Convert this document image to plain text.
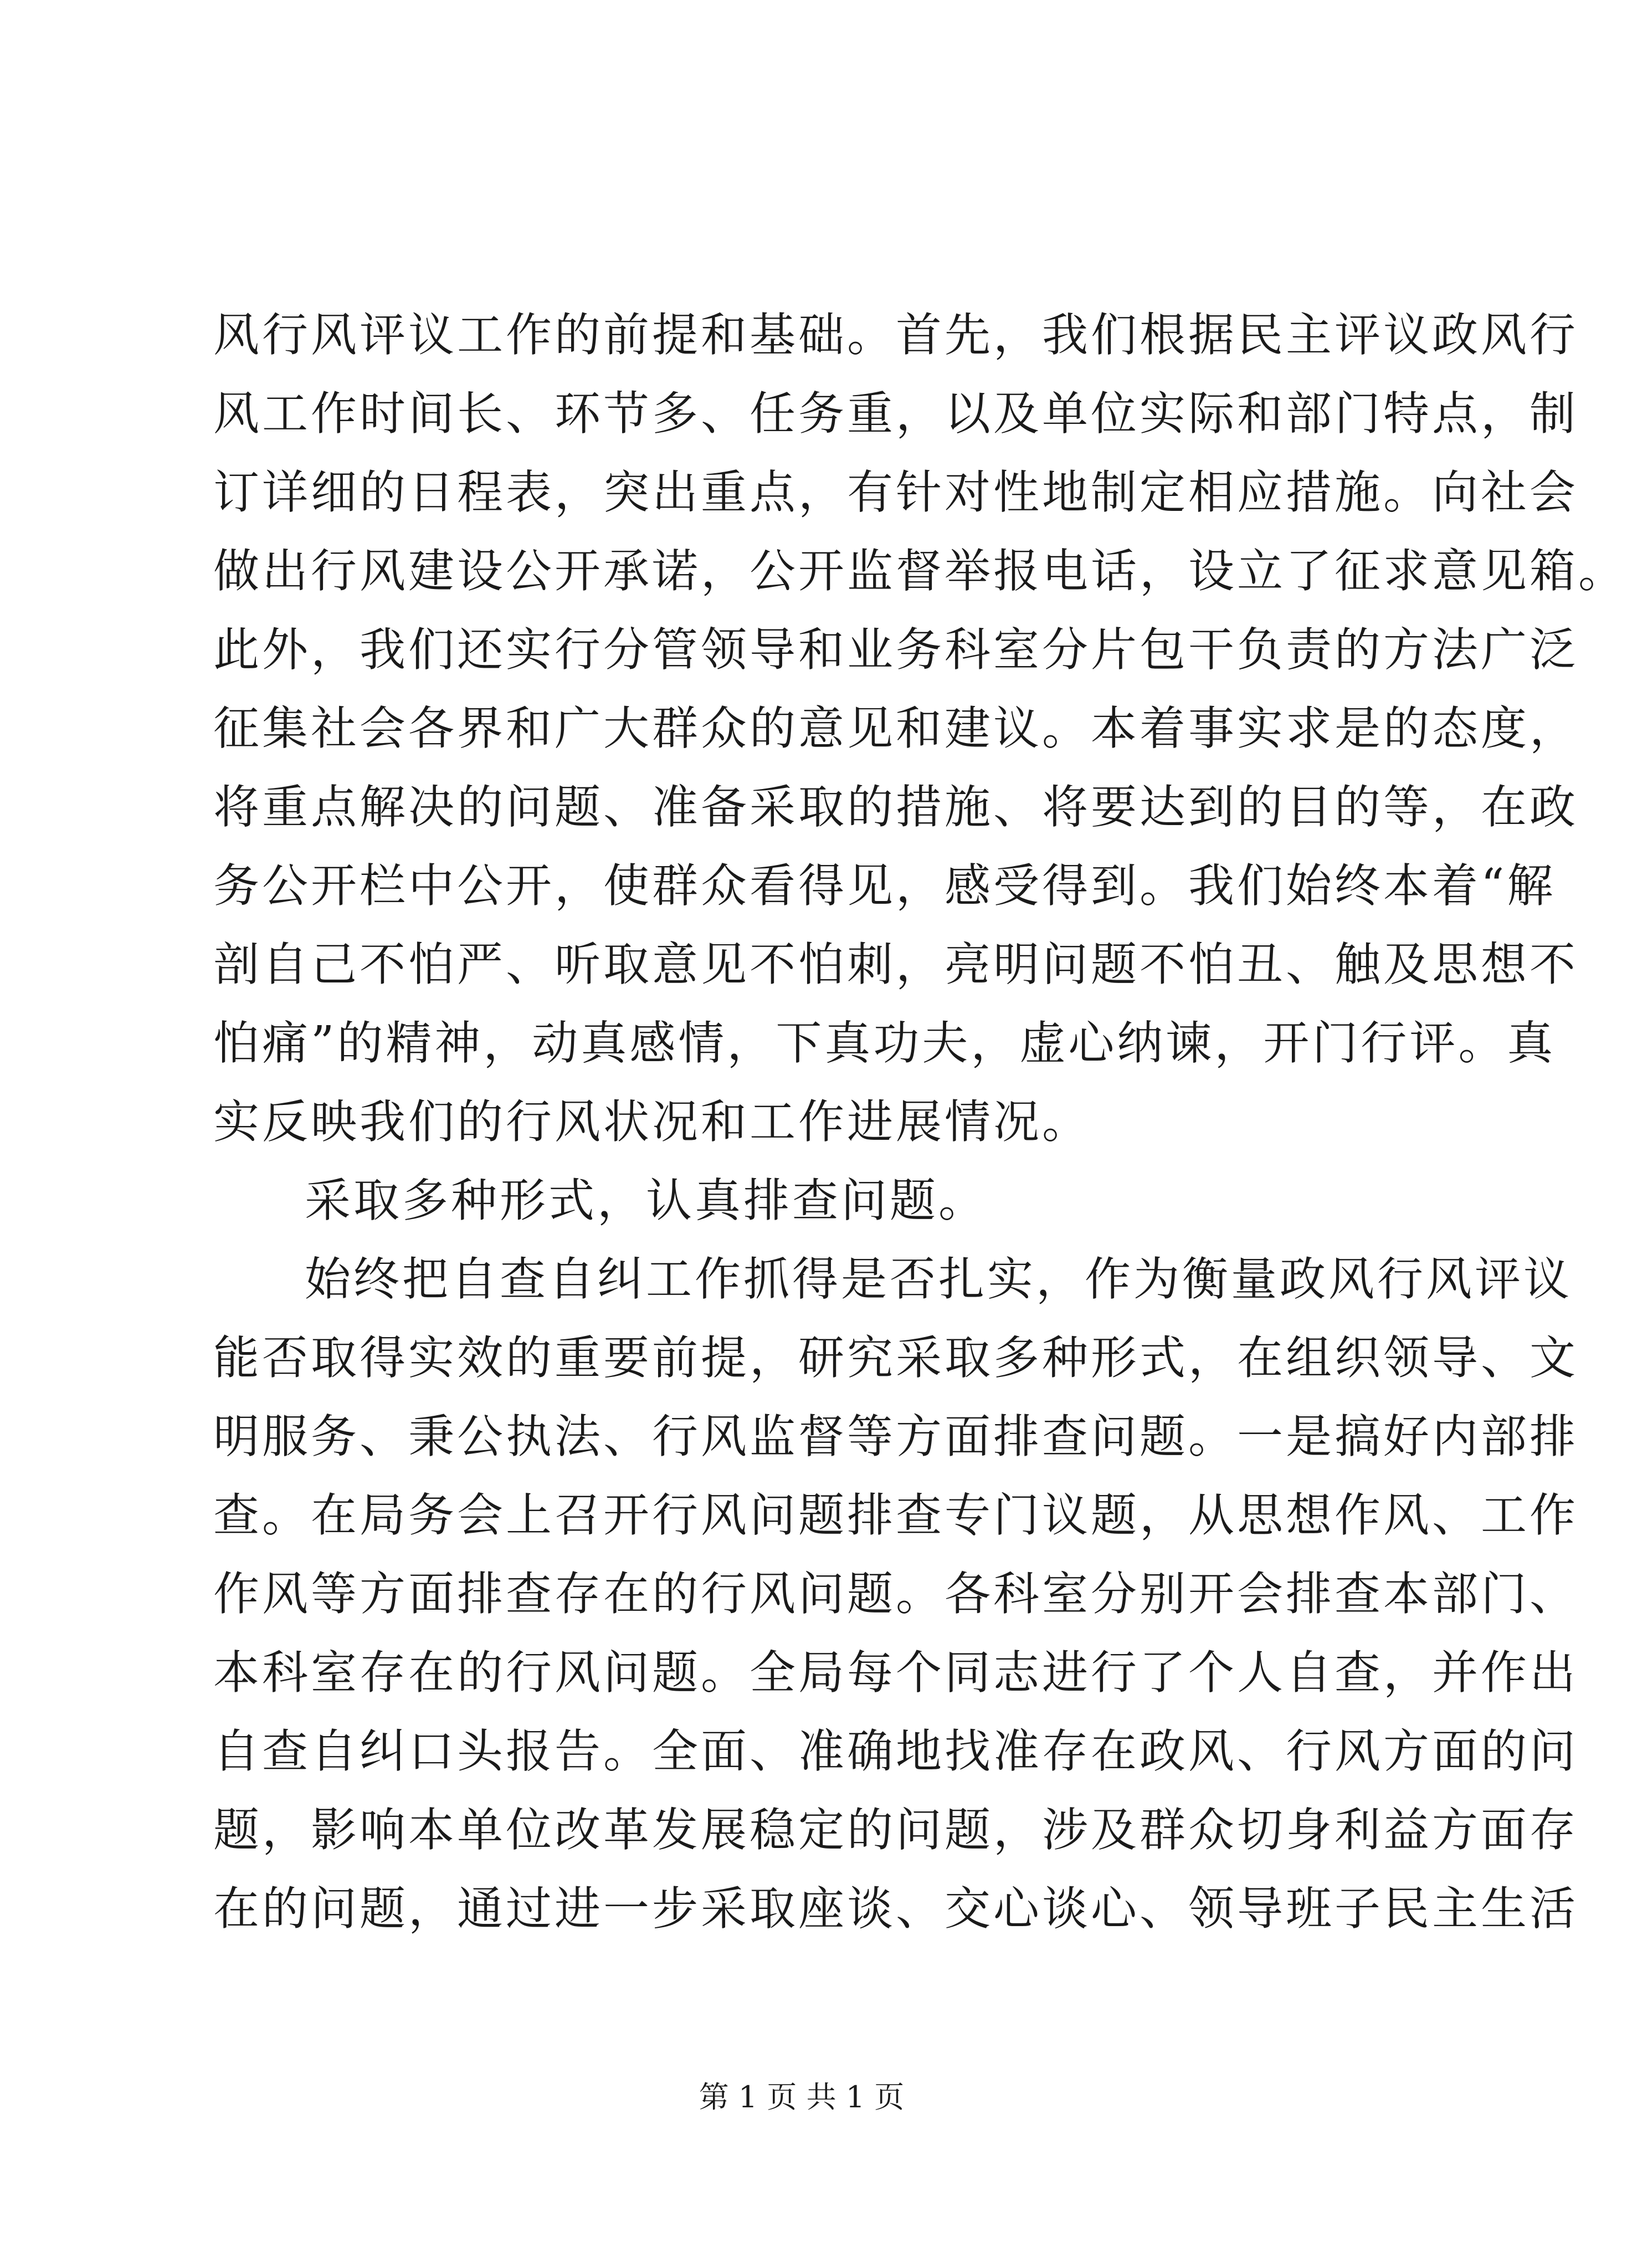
风行风评议工作的前提和基础。首先，我们根据民主评议政风行
风工作时间长、环节多、任务重，以及单位实际和部门特点，制
订详细的日程表，突出重点，有针对性地制定相应措施。向社会
做出行风建设公开承诺，公开监督举报电话，设立了征求意见箱。
此外，我们还实行分管领导和业务科室分片包干负责的方法广泛
征集社会各界和广大群众的意见和建议。本着事实求是的态度，
将重点解决的问题、准备采取的措施、将要达到的目的等，在政
务公开栏中公开，使群众看得见，感受得到。我们始终本着“解
剖自己不怕严、听取意见不怕刺，亮明问题不怕丑、触及思想不
怕痛”的精神，动真感情，下真功夫，虚心纳谏，开门行评。真
实反映我们的行风状况和工作进展情况。
采取多种形式，认真排查问题。
始终把自查自纠工作抓得是否扎实，作为衡量政风行风评议
能否取得实效的重要前提，研究采取多种形式，在组织领导、文
明服务、秉公执法、行风监督等方面排查问题。一是搞好内部排
查。在局务会上召开行风问题排查专门议题，从思想作风、工作
作风等方面排查存在的行风问题。各科室分别开会排查本部门、
本科室存在的行风问题。全局每个同志进行了个人自查，并作出
自查自纠口头报告。全面、准确地找准存在政风、行风方面的问
题，影响本单位改革发展稳定的问题，涉及群众切身利益方面存
在的问题，通过进一步采取座谈、交心谈心、领导班子民主生活
第 1 页 共 1 页
